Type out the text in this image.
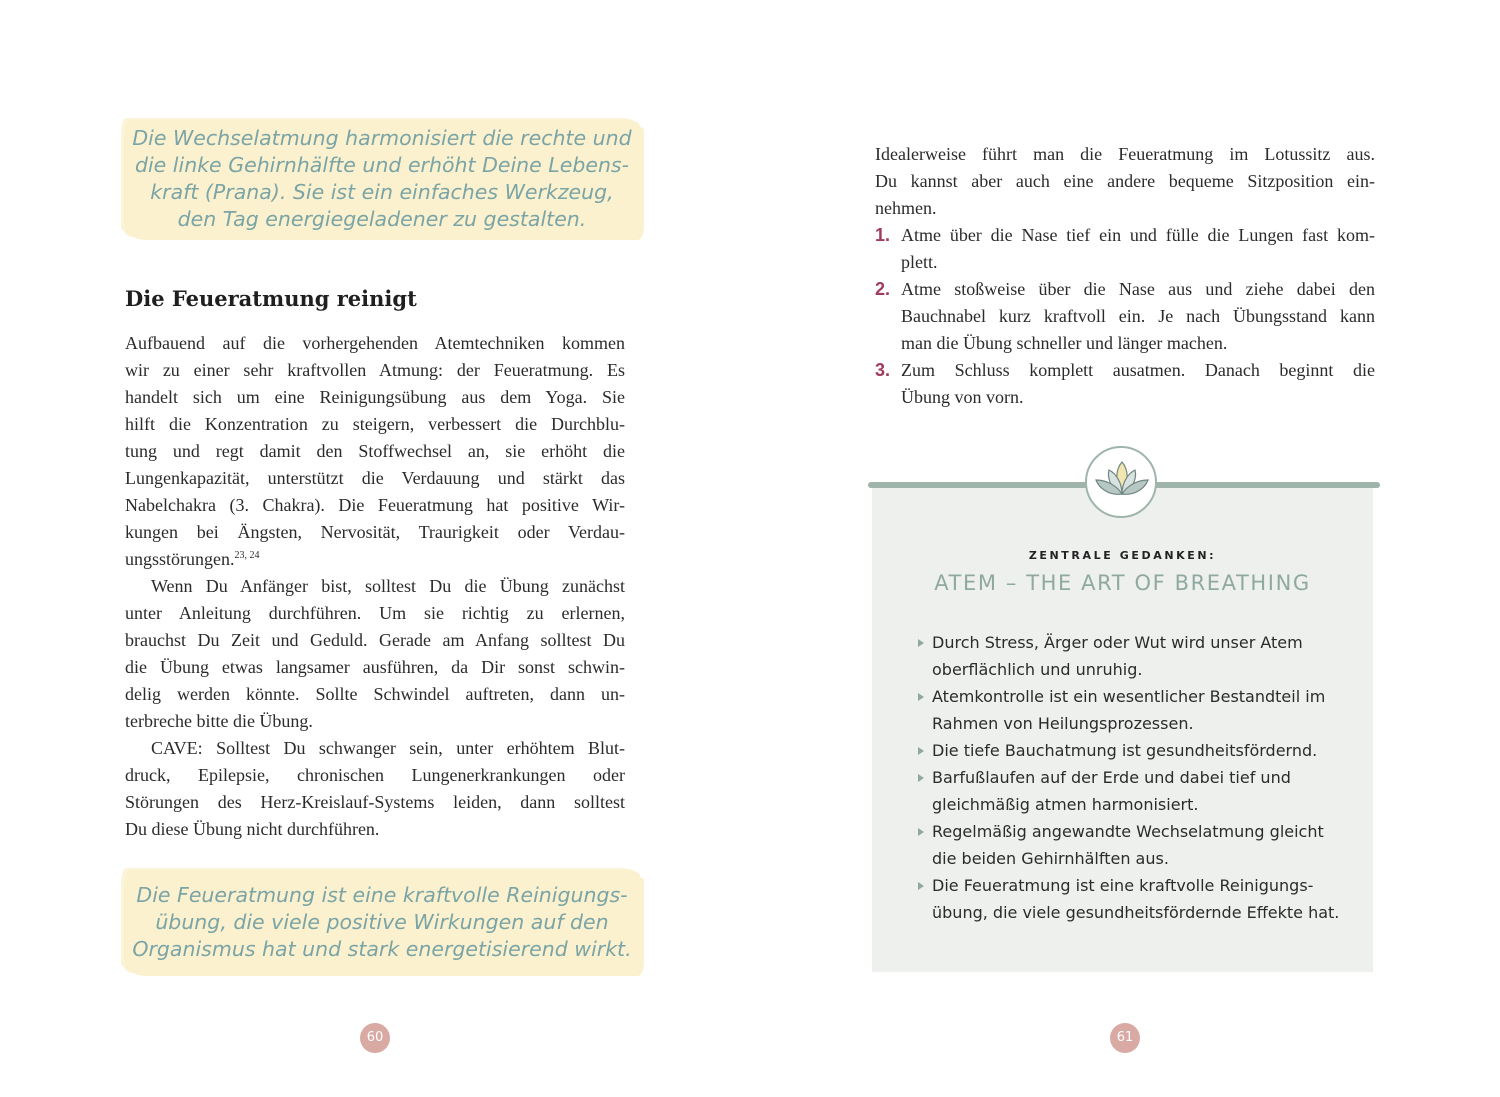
Die Wechselatmung harmonisiert die rechte und
die linke Gehirnhälfte und erhöht Deine Lebens-
kraft (Prana). Sie ist ein einfaches Werkzeug,
den Tag energiegeladener zu gestalten.
Die Feueratmung reinigt
Aufbauend auf die vorhergehenden Atemtechniken kommen
wir zu einer sehr kraftvollen Atmung: der Feueratmung. Es
handelt sich um eine Reinigungsübung aus dem Yoga. Sie
hilft die Konzentration zu steigern, verbessert die Durchblu-
tung und regt damit den Stoffwechsel an, sie erhöht die
Lungenkapazität, unterstützt die Verdauung und stärkt das
Nabelchakra (3. Chakra). Die Feueratmung hat positive Wir-
kungen bei Ängsten, Nervosität, Traurigkeit oder Verdau-
ungsstörungen.$^{23, 24}$
Wenn Du Anfänger bist, solltest Du die Übung zunächst
unter Anleitung durchführen. Um sie richtig zu erlernen,
brauchst Du Zeit und Geduld. Gerade am Anfang solltest Du
die Übung etwas langsamer ausführen, da Dir sonst schwin-
delig werden könnte. Sollte Schwindel auftreten, dann un-
terbreche bitte die Übung.
CAVE: Solltest Du schwanger sein, unter erhöhtem Blut-
druck, Epilepsie, chronischen Lungenerkrankungen oder
Störungen des Herz-Kreislauf-Systems leiden, dann solltest
Du diese Übung nicht durchführen.
Die Feueratmung ist eine kraftvolle Reinigungs-
übung, die viele positive Wirkungen auf den
Organismus hat und stark energetisierend wirkt.
60
Idealerweise führt man die Feueratmung im Lotussitz aus.
Du kannst aber auch eine andere bequeme Sitzposition ein-
nehmen.
1. Atme über die Nase tief ein und fülle die Lungen fast kom-
plett.
2. Atme stoßweise über die Nase aus und ziehe dabei den
Bauchnabel kurz kraftvoll ein. Je nach Übungsstand kann
man die Übung schneller und länger machen.
3. Zum Schluss komplett ausatmen. Danach beginnt die
Übung von vorn.
ZENTRALE GEDANKEN:
ATEM – THE ART OF BREATHING
Durch Stress, Ärger oder Wut wird unser Atem
oberflächlich und unruhig.
Atemkontrolle ist ein wesentlicher Bestandteil im
Rahmen von Heilungsprozessen.
Die tiefe Bauchatmung ist gesundheitsfördernd.
Barfußlaufen auf der Erde und dabei tief und
gleichmäßig atmen harmonisiert.
Regelmäßig angewandte Wechselatmung gleicht
die beiden Gehirnhälften aus.
Die Feueratmung ist eine kraftvolle Reinigungs-
übung, die viele gesundheitsfördernde Effekte hat.
61
